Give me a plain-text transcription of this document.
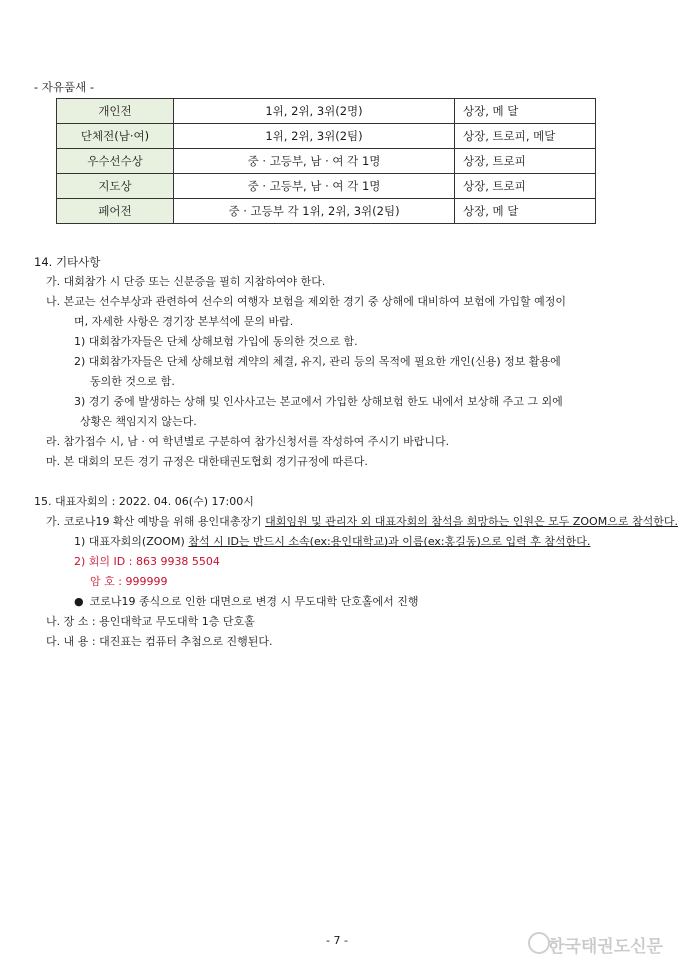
- 자유품새 -
개인전	1위, 2위, 3위(2명)	상장, 메 달
단체전(남·여)	1위, 2위, 3위(2팀)	상장, 트로피, 메달
우수선수상	중 · 고등부, 남 · 여 각 1명	상장, 트로피
지도상	중 · 고등부, 남 · 여 각 1명	상장, 트로피
페어전	중 · 고등부 각 1위, 2위, 3위(2팀)	상장, 메 달
14. 기타사항
가. 대회참가 시 단증 또는 신분증을 필히 지참하여야 한다.
나. 본교는 선수부상과 관련하여 선수의 여행자 보험을 제외한 경기 중 상해에 대비하여 보험에 가입할 예정이
며, 자세한 사항은 경기장 본부석에 문의 바람.
1) 대회참가자들은 단체 상해보험 가입에 동의한 것으로 함.
2) 대회참가자들은 단체 상해보험 계약의 체결, 유지, 관리 등의 목적에 필요한 개인(신용) 정보 활용에
동의한 것으로 함.
3) 경기 중에 발생하는 상해 및 인사사고는 본교에서 가입한 상해보험 한도 내에서 보상해 주고 그 외에
상황은 책임지지 않는다.
라. 참가접수 시, 남 · 여 학년별로 구분하여 참가신청서를 작성하여 주시기 바랍니다.
마. 본 대회의 모든 경기 규정은 대한태권도협회 경기규정에 따른다.
15. 대표자회의 : 2022. 04. 06(수) 17:00시
가. 코로나19 확산 예방을 위해 용인대총장기 대회임원 및 관리자 외 대표자회의 참석을 희망하는 인원은 모두 ZOOM으로 참석한다.
1) 대표자회의(ZOOM) 참석 시 ID는 반드시 소속(ex:용인대학교)과 이름(ex:홍길동)으로 입력 후 참석한다.
2) 회의 ID : 863 9938 5504
암 호 : 999999
● 코로나19 종식으로 인한 대면으로 변경 시 무도대학 단호홀에서 진행
나. 장 소 : 용인대학교 무도대학 1층 단호홀
다. 내 용 : 대진표는 컴퓨터 추첨으로 진행된다.
- 7 -	한국태권도신문
